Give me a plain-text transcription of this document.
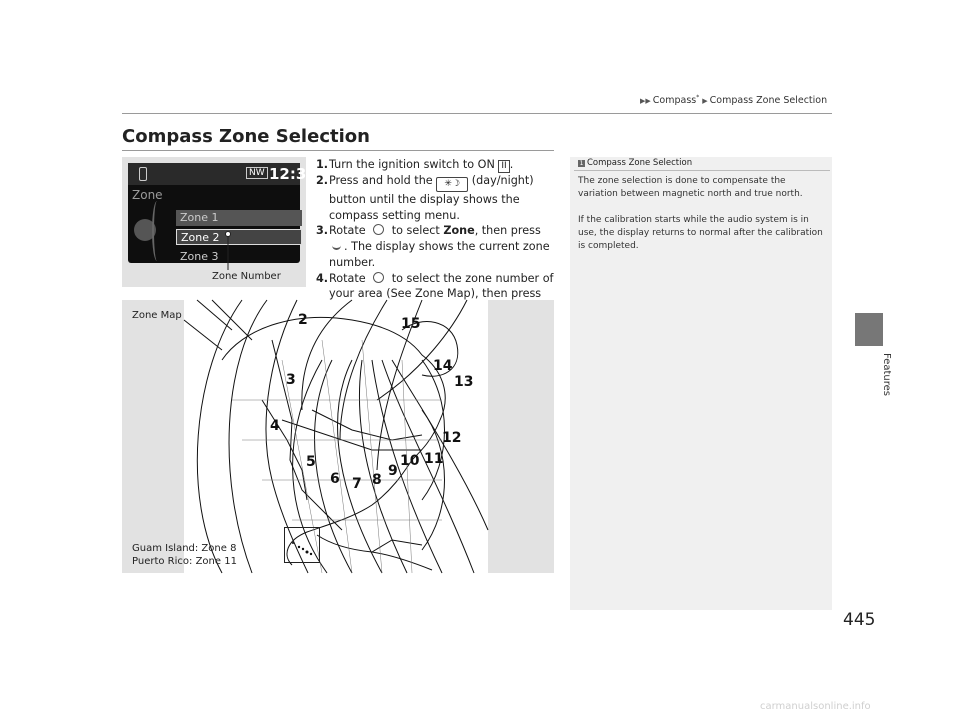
▶▶ Compass* ▶ Compass Zone Selection
Compass Zone Selection
Features
445
NW 12:34
Zone
Zone 1
Zone 2
Zone 3
Zone Number
1. Turn the ignition switch to ON II .
2. Press and hold the ✳☽ (day/night) button until the display shows the compass setting menu.
3. Rotate  to select Zone, then press . The display shows the current zone number.
4. Rotate  to select the zone number of your area (See Zone Map), then press
1 Compass Zone Selection
The zone selection is done to compensate the variation between magnetic north and true north.
If the calibration starts while the audio system is in use, the display returns to normal after the calibration is completed.
Zone Map
Guam Island: Zone 8
Puerto Rico: Zone 11
2	15
14
3	13
4
12
5	10 11
9
6 7 8
carmanualsonline.info
